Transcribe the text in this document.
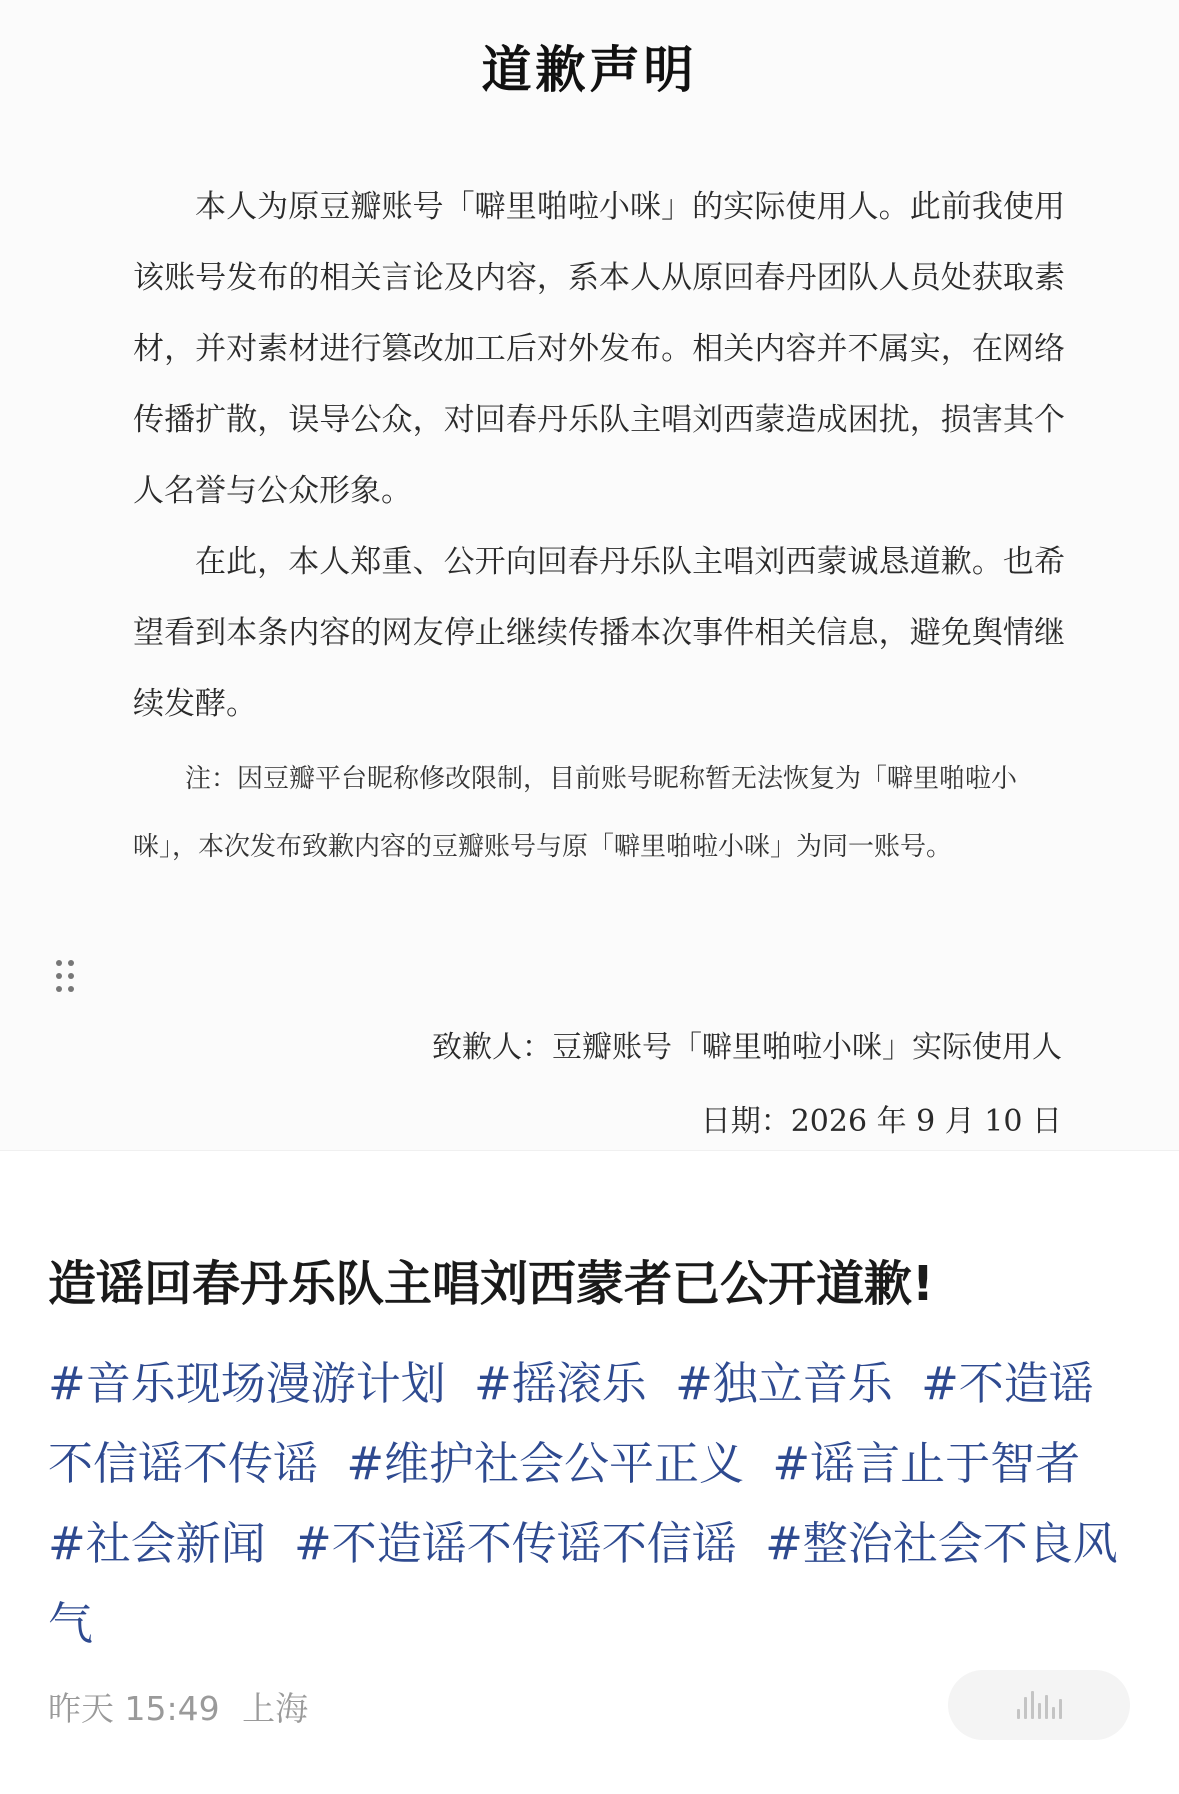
道歉声明

本人为原豆瓣账号「噼里啪啦小咪」的实际使用人。此前我使用该账号发布的相关言论及内容，系本人从原回春丹团队人员处获取素材，并对素材进行篡改加工后对外发布。相关内容并不属实，在网络传播扩散，误导公众，对回春丹乐队主唱刘西蒙造成困扰，损害其个人名誉与公众形象。

在此，本人郑重、公开向回春丹乐队主唱刘西蒙诚恳道歉。也希望看到本条内容的网友停止继续传播本次事件相关信息，避免舆情继续发酵。

注：因豆瓣平台昵称修改限制，目前账号昵称暂无法恢复为「噼里啪啦小咪」，本次发布致歉内容的豆瓣账号与原「噼里啪啦小咪」为同一账号。

致歉人：豆瓣账号「噼里啪啦小咪」实际使用人
日期：2026 年 9 月 10 日
造谣回春丹乐队主唱刘西蒙者已公开道歉!
#音乐现场漫游计划 #摇滚乐 #独立音乐 #不造谣不信谣不传谣 #维护社会公平正义 #谣言止于智者 #社会新闻 #不造谣不传谣不信谣 #整治社会不良风气
昨天 15:49 上海
